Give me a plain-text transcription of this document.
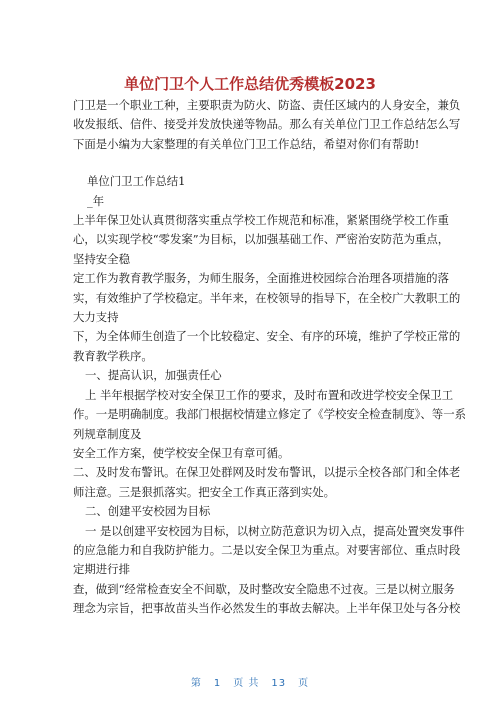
单位门卫个人工作总结优秀模板2023

门卫是一个职业工种，主要职责为防火、防盗、责任区域内的人身安全，兼负

收发报纸、信件、接受并发放快递等物品。那么有关单位门卫工作总结怎么写

下面是小编为大家整理的有关单位门卫工作总结，希望对你们有帮助!

单位门卫工作总结1

_年

上半年保卫处认真贯彻落实重点学校工作规范和标准，紧紧围绕学校工作重

心，以实现学校“零发案”为目标，以加强基础工作、严密治安防范为重点，

坚持安全稳

定工作为教育教学服务，为师生服务，全面推进校园综合治理各项措施的落

实，有效维护了学校稳定。半年来，在校领导的指导下，在全校广大教职工的

大力支持

下，为全体师生创造了一个比较稳定、安全、有序的环境，维护了学校正常的

教育教学秩序。

一、提高认识，加强责任心

上 半年根据学校对安全保卫工作的要求，及时布置和改进学校安全保卫工

作。一是明确制度。我部门根据校情建立修定了《学校安全检查制度》、等一系

列规章制度及

安全工作方案，使学校安全保卫有章可循。

二、及时发布警讯。在保卫处群网及时发布警讯，以提示全校各部门和全体老

师注意。三是狠抓落实。把安全工作真正落到实处。

二、创建平安校园为目标

一 是以创建平安校园为目标，以树立防范意识为切入点，提高处置突发事件

的应急能力和自我防护能力。二是以安全保卫为重点。对要害部位、重点时段

定期进行排

查，做到“经常检查安全不间歇，及时整改安全隐患不过夜。三是以树立服务

理念为宗旨，把事故苗头当作必然发生的事故去解决。上半年保卫处与各分校

第 1 页 共 13 页
